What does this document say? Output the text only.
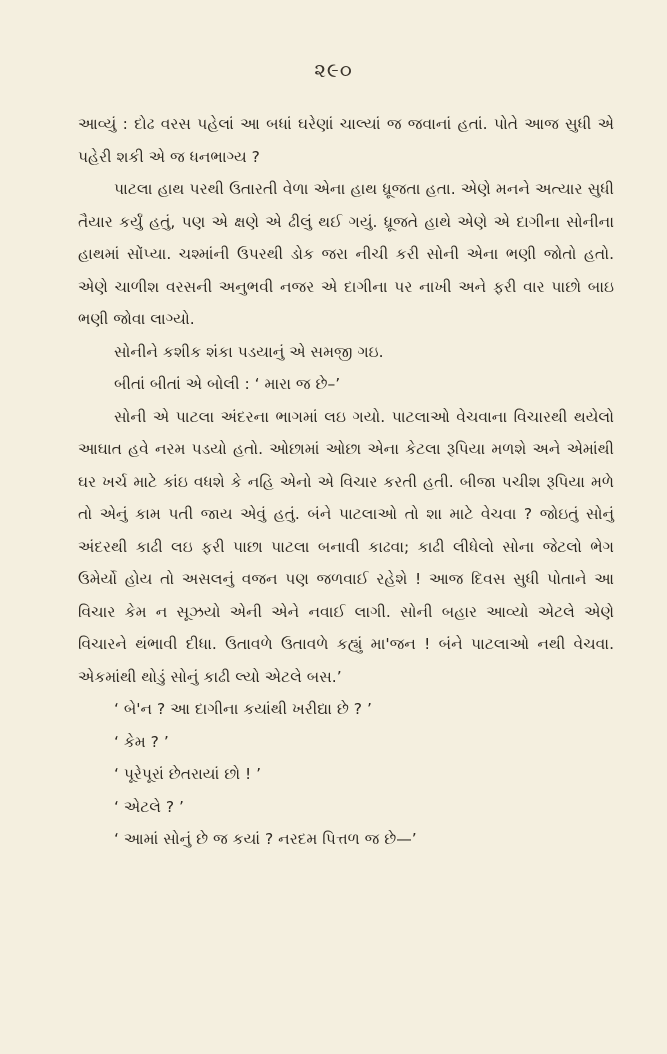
૨૯૦

આવ્યું : દોઢ વરસ પહેલાં આ બધાં ઘરેણાં ચાલ્યાં જ જવાનાં હતાં. પોતે આજ સુધી એ પહેરી શકી એ જ ધનભાગ્ય ?

પાટલા હાથ પરથી ઉતારતી વેળા એના હાથ ધ્રૂજતા હતા. એણે મનને અત્યાર સુધી તૈયાર કર્યું હતું, પણ એ ક્ષણે એ ઢીલું થઈ ગયું. ધ્રૂજતે હાથે એણે એ દાગીના સોનીના હાથમાં સોંપ્યા. ચશ્માંની ઉપરથી ડોક જરા નીચી કરી સોની એના ભણી જોતો હતો. એણે ચાળીશ વરસની અનુભવી નજર એ દાગીના પર નાખી અને ફરી વાર પાછો બાઇ ભણી જોવા લાગ્યો.

સોનીને કશીક શંકા પડયાનું એ સમજી ગઇ.

બીતાં બીતાં એ બોલી : ‘ મારા જ છે–’

સોની એ પાટલા અંદરના ભાગમાં લઇ ગયો. પાટલાઓ વેચવાના વિચારથી થયેલો આઘાત હવે નરમ પડયો હતો. ઓછામાં ઓછા એના કેટલા રૂપિયા મળશે અને એમાંથી ઘર ખર્ચ માટે કાંઇ વધશે કે નહિ એનો એ વિચાર કરતી હતી. બીજા પચીશ રૂપિયા મળે તો એનું કામ પતી જાય એવું હતું. બંને પાટલાઓ તો શા માટે વેચવા ? જોઇતું સોનું અંદરથી કાઢી લઇ ફરી પાછા પાટલા બનાવી કાઢવા; કાઢી લીધેલો સોના જેટલો ભેગ ઉમેર્યો હોય તો અસલનું વજન પણ જળવાઈ રહેશે ! આજ દિવસ સુધી પોતાને આ વિચાર કેમ ન સૂઝયો એની એને નવાઈ લાગી. સોની બહાર આવ્યો એટલે એણે વિચારને થંભાવી દીધા. ઉતાવળે ઉતાવળે કહ્યું મા'જન ! બંને પાટલાઓ નથી વેચવા. એકમાંથી થોડું સોનું કાઢી લ્યો એટલે બસ.’

‘ બે'ન ? આ દાગીના કયાંથી ખરીદ્યા છે ? ’

‘ કેમ ? ’

‘ પૂરેપૂરાં છેતરાયાં છો ! ’

‘ એટલે ? ’

‘ આમાં સોનું છે જ કયાં ? નરદમ પિત્તળ જ છે—’
